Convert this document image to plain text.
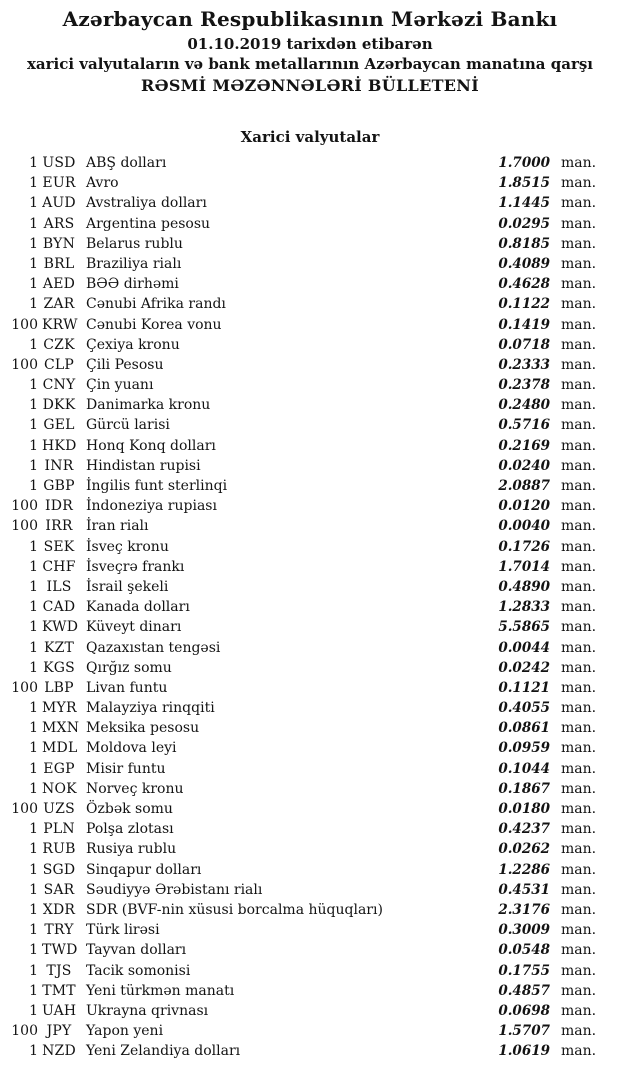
Azərbaycan Respublikasının Mərkəzi Bankı
01.10.2019 tarixdən etibarən
xarici valyutaların və bank metallarının Azərbaycan manatına qarşı
RƏSMİ MƏZƏNNƏLƏRİ BÜLLETENİ
Xarici valyutalar
1 USD ABŞ dolları	1.7000 man.
1 EUR Avro	1.8515 man.
1 AUD Avstraliya dolları	1.1445 man.
1 ARS Argentina pesosu	0.0295 man.
1 BYN Belarus rublu	0.8185 man.
1 BRL Braziliya rialı	0.4089 man.
1 AED BƏƏ dirhəmi	0.4628 man.
1 ZAR Cənubi Afrika randı	0.1122 man.
100 KRW Cənubi Korea vonu	0.1419 man.
1 CZK Çexiya kronu	0.0718 man.
100 CLP Çili Pesosu	0.2333 man.
1 CNY Çin yuanı	0.2378 man.
1 DKK Danimarka kronu	0.2480 man.
1 GEL Gürcü larisi	0.5716 man.
1 HKD Honq Konq dolları	0.2169 man.
1 INR Hindistan rupisi	0.0240 man.
1 GBP İngilis funt sterlinqi	2.0887 man.
100 IDR İndoneziya rupiası	0.0120 man.
100 IRR İran rialı	0.0040 man.
1 SEK İsveç kronu	0.1726 man.
1 CHF İsveçrə frankı	1.7014 man.
1 ILS	İsrail şekeli	0.4890 man.
1 CAD Kanada dolları	1.2833 man.
1 KWD Küveyt dinarı	5.5865 man.
1 KZT Qazaxıstan tengəsi	0.0044 man.
1 KGS Qırğız somu	0.0242 man.
100 LBP Livan funtu	0.1121 man.
1 MYR Malayziya rinqqiti	0.4055 man.
1 MXN Meksika pesosu	0.0861 man.
1 MDL Moldova leyi	0.0959 man.
1 EGP Misir funtu	0.1044 man.
1 NOK Norveç kronu	0.1867 man.
100 UZS Özbək somu	0.0180 man.
1 PLN Polşa zlotası	0.4237 man.
1 RUB Rusiya rublu	0.0262 man.
1 SGD Sinqapur dolları	1.2286 man.
1 SAR Səudiyyə Ərəbistanı rialı	0.4531 man.
1 XDR SDR (BVF-nin xüsusi borcalma hüquqları)	2.3176 man.
1 TRY Türk lirəsi	0.3009 man.
1 TWD Tayvan dolları	0.0548 man.
1 TJS	Tacik somonisi	0.1755 man.
1 TMT Yeni türkmən manatı	0.4857 man.
1 UAH Ukrayna qrivnası	0.0698 man.
100 JPY	Yapon yeni	1.5707 man.
1 NZD Yeni Zelandiya dolları	1.0619 man.
